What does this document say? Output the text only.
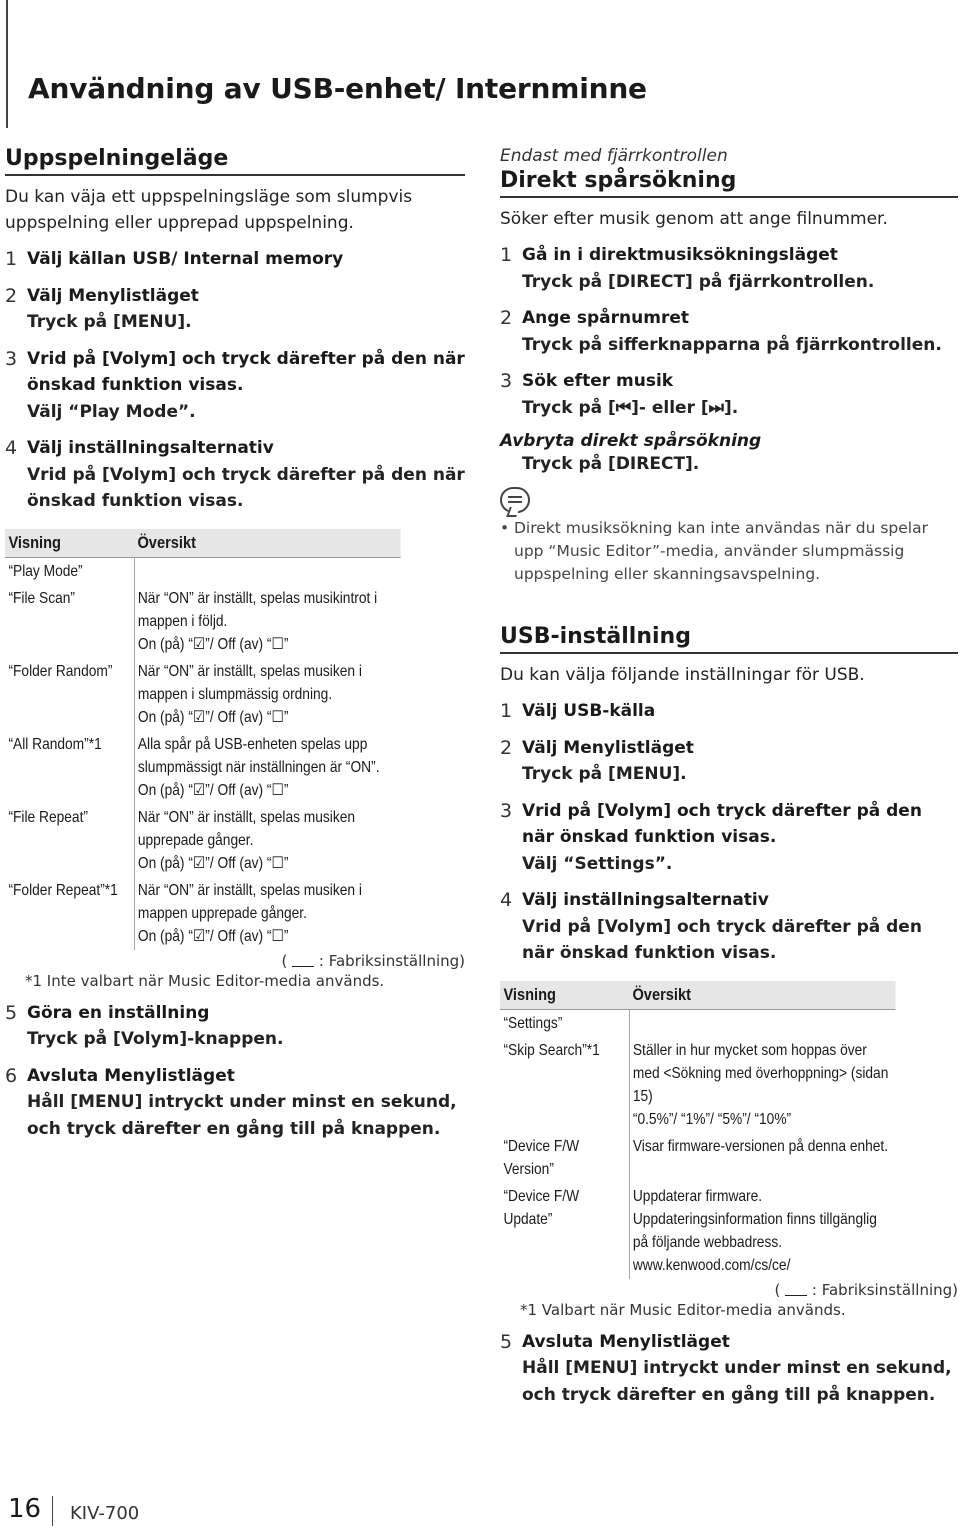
Användning av USB-enhet/ Internminne
Uppspelningeläge
Du kan väja ett uppspelningsläge som slumpvis uppspelning eller upprepad uppspelning.
1 Välj källan USB/ Internal memory
2 Välj Menylistläget
Tryck på [MENU].
3 Vrid på [Volym] och tryck därefter på den när önskad funktion visas.
Välj “Play Mode”.
4 Välj inställningsalternativ
Vrid på [Volym] och tryck därefter på den när önskad funktion visas.
Visning	Översikt
“Play Mode”	
“File Scan”	När “ON” är inställt, spelas musikintrot i mappen i följd.
On (på) “☑”/ Off (av) “☐”

“Folder Random”	När “ON” är inställt, spelas musiken i mappen i slumpmässig ordning.
On (på) “☑”/ Off (av) “☐”

“All Random”*1	Alla spår på USB-enheten spelas upp slumpmässigt när inställningen är “ON”.
On (på) “☑”/ Off (av) “☐”

“File Repeat”	När “ON” är inställt, spelas musiken upprepade gånger.
On (på) “☑”/ Off (av) “☐”

“Folder Repeat”*1	När “ON” är inställt, spelas musiken i mappen upprepade gånger.
On (på) “☑”/ Off (av) “☐”
(  : Fabriksinställning)
*1 Inte valbart när Music Editor-media används.
5 Göra en inställning
Tryck på [Volym]-knappen.
6 Avsluta Menylistläget
Håll [MENU] intryckt under minst en sekund, och tryck därefter en gång till på knappen.
Endast med fjärrkontrollen
Direkt spårsökning
Söker efter musik genom att ange filnummer.
1 Gå in i direktmusiksökningsläget
Tryck på [DIRECT] på fjärrkontrollen.
2 Ange spårnumret
Tryck på sifferknapparna på fjärrkontrollen.
3 Sök efter musik
Tryck på [⏮]- eller [⏭].
Avbryta direkt spårsökning
Tryck på [DIRECT].
• Direkt musiksökning kan inte användas när du spelar upp “Music Editor”-media, använder slumpmässig uppspelning eller skanningsavspelning.
USB-inställning
Du kan välja följande inställningar för USB.
1 Välj USB-källa
2 Välj Menylistläget
Tryck på [MENU].
3 Vrid på [Volym] och tryck därefter på den när önskad funktion visas.
Välj “Settings”.
4 Välj inställningsalternativ
Vrid på [Volym] och tryck därefter på den när önskad funktion visas.
Visning	Översikt
“Settings”	
“Skip Search”*1	Ställer in hur mycket som hoppas över med <Sökning med överhoppning> (sidan 15)
“0.5%”/ “1%”/ “5%”/ “10%”

“Device F/W Version”	Visar firmware-versionen på denna enhet.

“Device F/W Update”	Uppdaterar firmware. Uppdateringsinformation finns tillgänglig på följande webbadress. www.kenwood.com/cs/ce/
(  : Fabriksinställning)
*1 Valbart när Music Editor-media används.
5 Avsluta Menylistläget
Håll [MENU] intryckt under minst en sekund, och tryck därefter en gång till på knappen.
16 KIV-700
